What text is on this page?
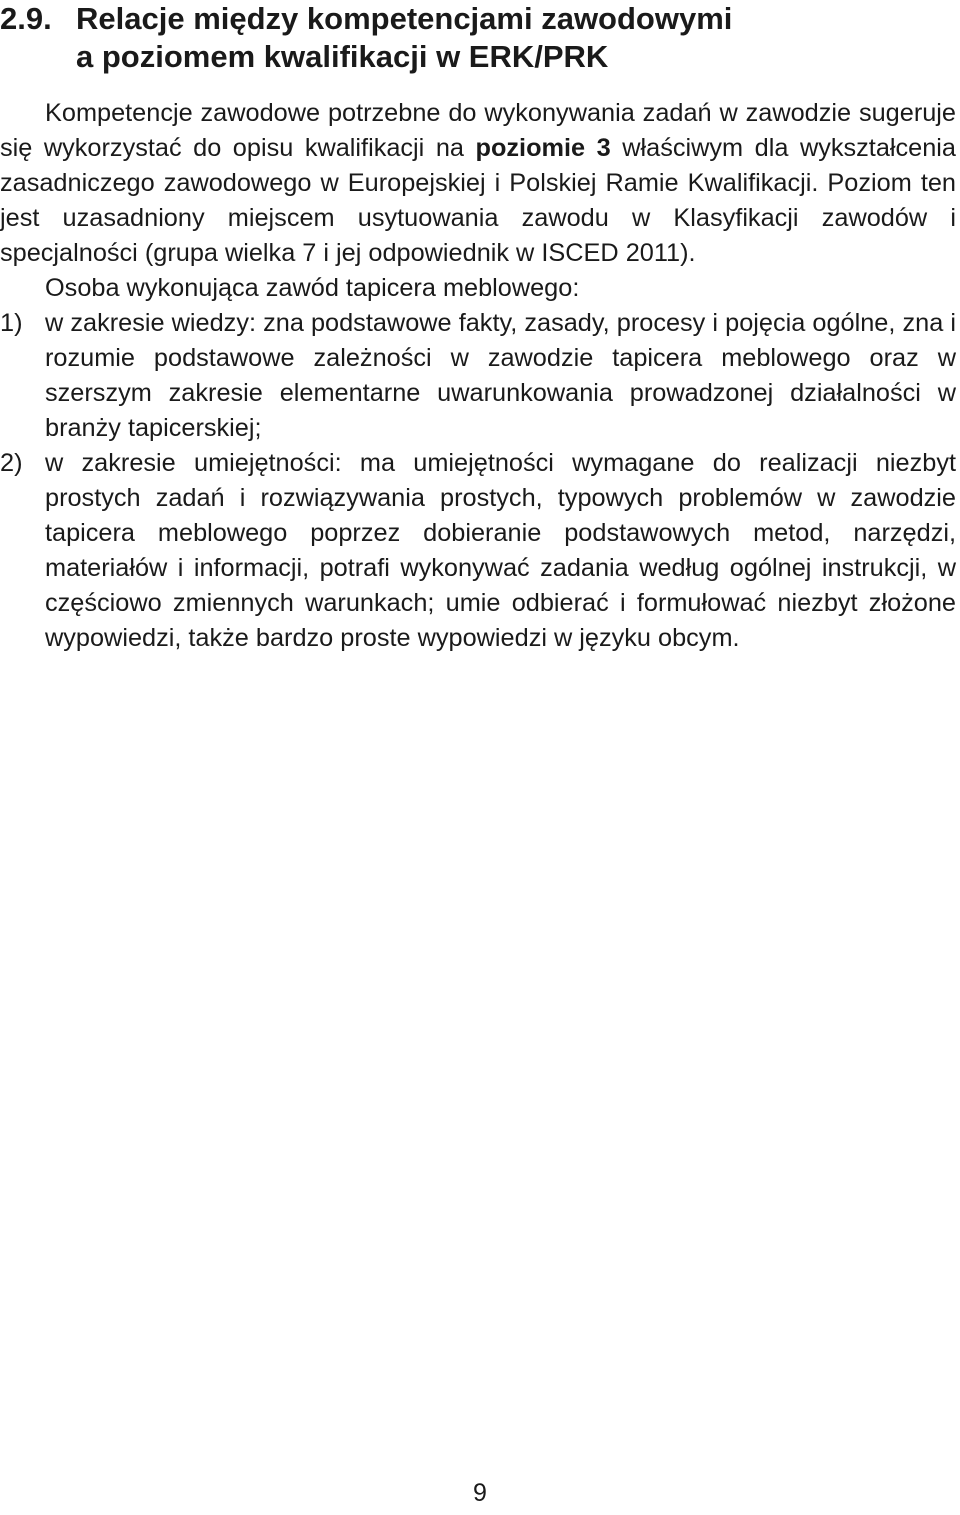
2.9. Relacje między kompetencjami zawodowymi
a poziomem kwalifikacji w ERK/PRK

Kompetencje zawodowe potrzebne do wykonywania zadań w zawodzie sugeruje się wykorzystać do opisu kwalifikacji na poziomie 3 właściwym dla wykształcenia zasadniczego zawodowego w Europejskiej i Polskiej Ramie Kwalifikacji. Poziom ten jest uzasadniony miejscem usytuowania zawodu w Klasyfikacji zawodów i specjalności (grupa wielka 7 i jej odpowiednik w ISCED 2011).

Osoba wykonująca zawód tapicera meblowego:

1) w zakresie wiedzy: zna podstawowe fakty, zasady, procesy i pojęcia ogólne, zna i rozumie podstawowe zależności w zawodzie tapicera meblowego oraz w szerszym zakresie elementarne uwarunkowania prowadzonej działalności w branży tapicerskiej;
2) w zakresie umiejętności: ma umiejętności wymagane do realizacji niezbyt prostych zadań i rozwiązywania prostych, typowych problemów w zawodzie tapicera meblowego poprzez dobieranie podstawowych metod, narzędzi, materiałów i informacji, potrafi wykonywać zadania według ogólnej instrukcji, w częściowo zmiennych warunkach; umie odbierać i formułować niezbyt złożone wypowiedzi, także bardzo proste wypowiedzi w języku obcym.
9
